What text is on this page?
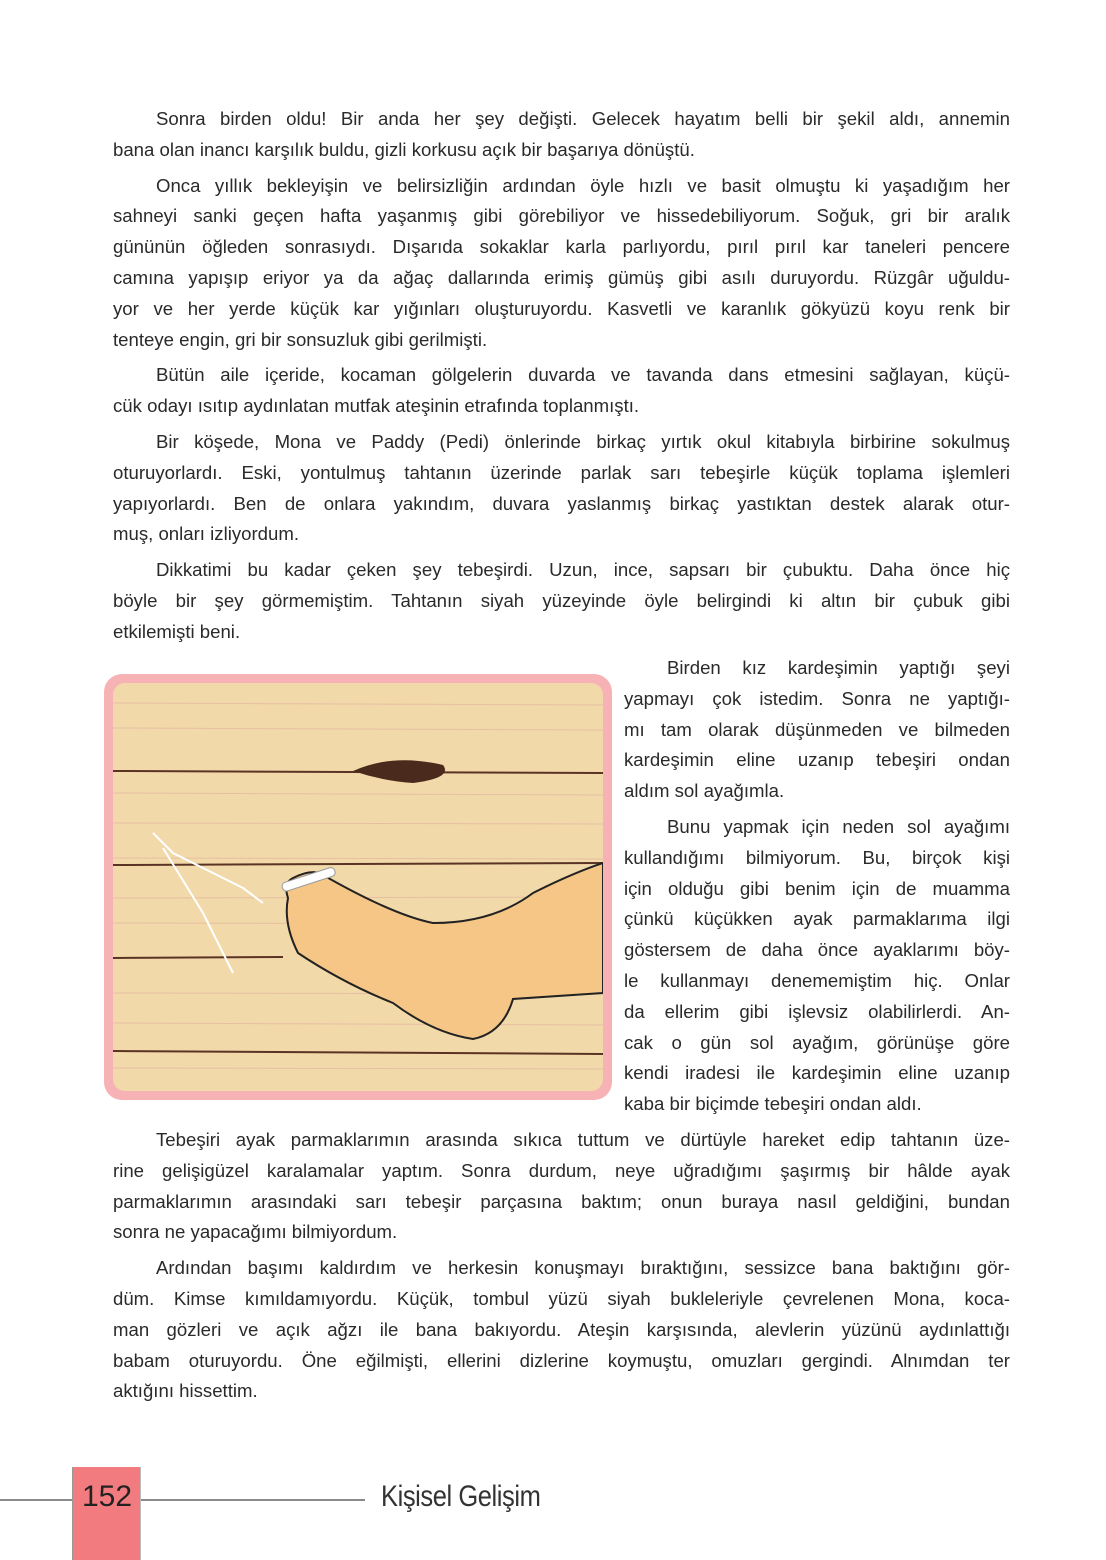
Sonra birden oldu! Bir anda her şey değişti. Gelecek hayatım belli bir şekil aldı, annemin
bana olan inancı karşılık buldu, gizli korkusu açık bir başarıya dönüştü.
Onca yıllık bekleyişin ve belirsizliğin ardından öyle hızlı ve basit olmuştu ki yaşadığım her
sahneyi sanki geçen hafta yaşanmış gibi görebiliyor ve hissedebiliyorum. Soğuk, gri bir aralık
gününün öğleden sonrasıydı. Dışarıda sokaklar karla parlıyordu, pırıl pırıl kar taneleri pencere
camına yapışıp eriyor ya da ağaç dallarında erimiş gümüş gibi asılı duruyordu. Rüzgâr uğuldu-
yor ve her yerde küçük kar yığınları oluşturuyordu. Kasvetli ve karanlık gökyüzü koyu renk bir
tenteye engin, gri bir sonsuzluk gibi gerilmişti.
Bütün aile içeride, kocaman gölgelerin duvarda ve tavanda dans etmesini sağlayan, küçü-
cük odayı ısıtıp aydınlatan mutfak ateşinin etrafında toplanmıştı.
Bir köşede, Mona ve Paddy (Pedi) önlerinde birkaç yırtık okul kitabıyla birbirine sokulmuş
oturuyorlardı. Eski, yontulmuş tahtanın üzerinde parlak sarı tebeşirle küçük toplama işlemleri
yapıyorlardı. Ben de onlara yakındım, duvara yaslanmış birkaç yastıktan destek alarak otur-
muş, onları izliyordum.
Dikkatimi bu kadar çeken şey tebeşirdi. Uzun, ince, sapsarı bir çubuktu. Daha önce hiç
böyle bir şey görmemiştim. Tahtanın siyah yüzeyinde öyle belirgindi ki altın bir çubuk gibi
etkilemişti beni.
Birden kız kardeşimin yaptığı şeyi
yapmayı çok istedim. Sonra ne yaptığı-
mı tam olarak düşünmeden ve bilmeden
kardeşimin eline uzanıp tebeşiri ondan
aldım sol ayağımla.
Bunu yapmak için neden sol ayağımı
kullandığımı bilmiyorum. Bu, birçok kişi
için olduğu gibi benim için de muamma
çünkü küçükken ayak parmaklarıma ilgi
göstersem de daha önce ayaklarımı böy-
le kullanmayı denememiştim hiç. Onlar
da ellerim gibi işlevsiz olabilirlerdi. An-
cak o gün sol ayağım, görünüşe göre
kendi iradesi ile kardeşimin eline uzanıp
kaba bir biçimde tebeşiri ondan aldı.
Tebeşiri ayak parmaklarımın arasında sıkıca tuttum ve dürtüyle hareket edip tahtanın üze-
rine gelişigüzel karalamalar yaptım. Sonra durdum, neye uğradığımı şaşırmış bir hâlde ayak
parmaklarımın arasındaki sarı tebeşir parçasına baktım; onun buraya nasıl geldiğini, bundan
sonra ne yapacağımı bilmiyordum.
Ardından başımı kaldırdım ve herkesin konuşmayı bıraktığını, sessizce bana baktığını gör-
düm. Kimse kımıldamıyordu. Küçük, tombul yüzü siyah bukleleriyle çevrelenen Mona, koca-
man gözleri ve açık ağzı ile bana bakıyordu. Ateşin karşısında, alevlerin yüzünü aydınlattığı
babam oturuyordu. Öne eğilmişti, ellerini dizlerine koymuştu, omuzları gergindi. Alnımdan ter
aktığını hissettim.
152	Kişisel Gelişim
